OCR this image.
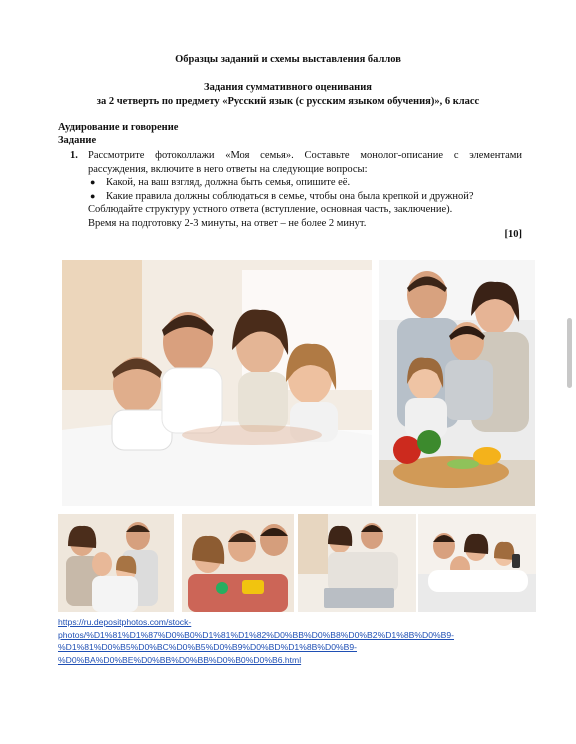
Образцы заданий и схемы выставления баллов
Задания суммативного оценивания
за 2 четверть по предмету «Русский язык (с русским языком обучения)», 6 класс
Аудирование и говорение
Задание
1. Рассмотрите фотоколлажи «Моя семья». Составьте монолог-описание с элементами рассуждения, включите в него ответы на следующие вопросы:

● Какой, на ваш взгляд, должна быть семья, опишите её.
● Какие правила должны соблюдаться в семье, чтобы она была крепкой и дружной?

Соблюдайте структуру устного ответа (вступление, основная часть, заключение).

Время на подготовку 2-3 минуты, на ответ – не более 2 минут.

[10]
https://ru.depositphotos.com/stock-
photos/%D1%81%D1%87%D0%B0%D1%81%D1%82%D0%BB%D0%B8%D0%B2%D1%8B%D0%B9-
%D1%81%D0%B5%D0%BC%D0%B5%D0%B9%D0%BD%D1%8B%D0%B9-
%D0%BA%D0%BE%D0%BB%D0%BB%D0%B0%D0%B6.html
